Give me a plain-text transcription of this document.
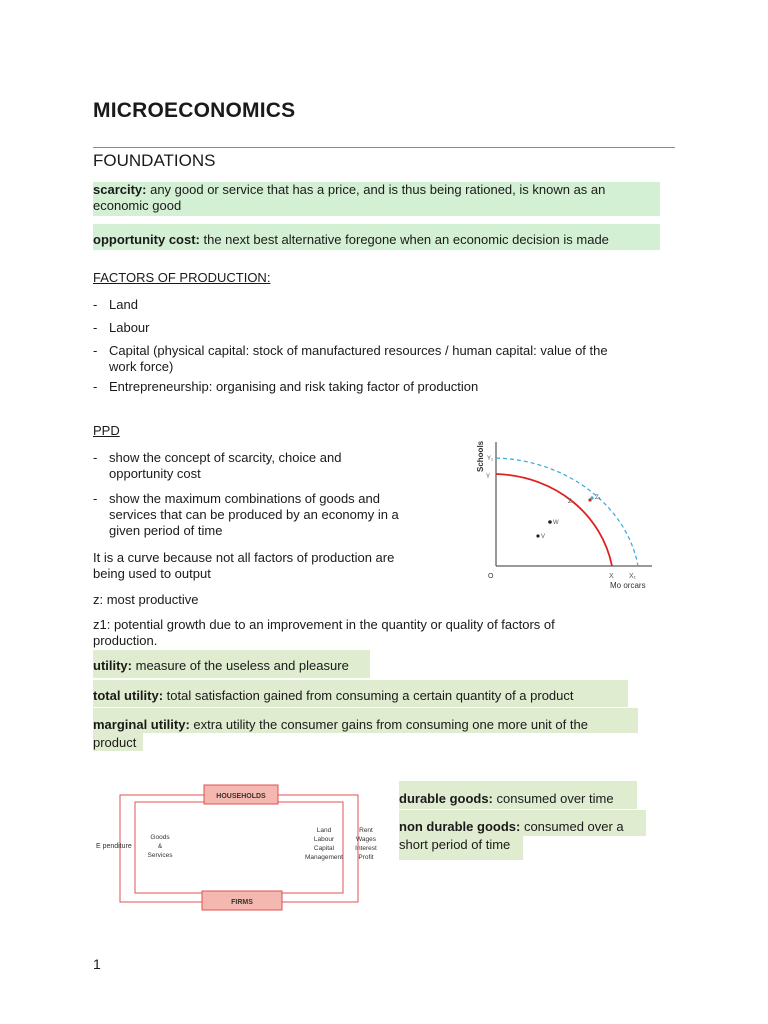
MICROECONOMICS
FOUNDATIONS
scarcity: any good or service that has a price, and is thus being rationed, is known as an
economic good
opportunity cost: the next best alternative foregone when an economic decision is made
FACTORS OF PRODUCTION:
- Land
- Labour
- Capital (physical capital: stock of manufactured resources / human capital: value of the
work force)
- Entrepreneurship: organising and risk taking factor of production
PPD
- show the concept of scarcity, choice and
opportunity cost
- show the maximum combinations of goods and
services that can be produced by an economy in a
given period of time
It is a curve because not all factors of production are
being used to output
z: most productive
z1: potential growth due to an improvement in the quantity or quality of factors of
production.
Schools Y₁
Y
O	X X₁
Mo orcars
Z
Z₁
W
V
utility: measure of the useless and pleasure
total utility: total satisfaction gained from consuming a certain quantity of a product
marginal utility: extra utility the consumer gains from consuming one more unit of the
product
HOUSEHOLDS
FIRMS
E penditure
Goods
&
Services
Land
Labour
Capital
Management
Rent
Wages
Interest
Profit
durable goods: consumed over time
non durable goods: consumed over a
short period of time
1
